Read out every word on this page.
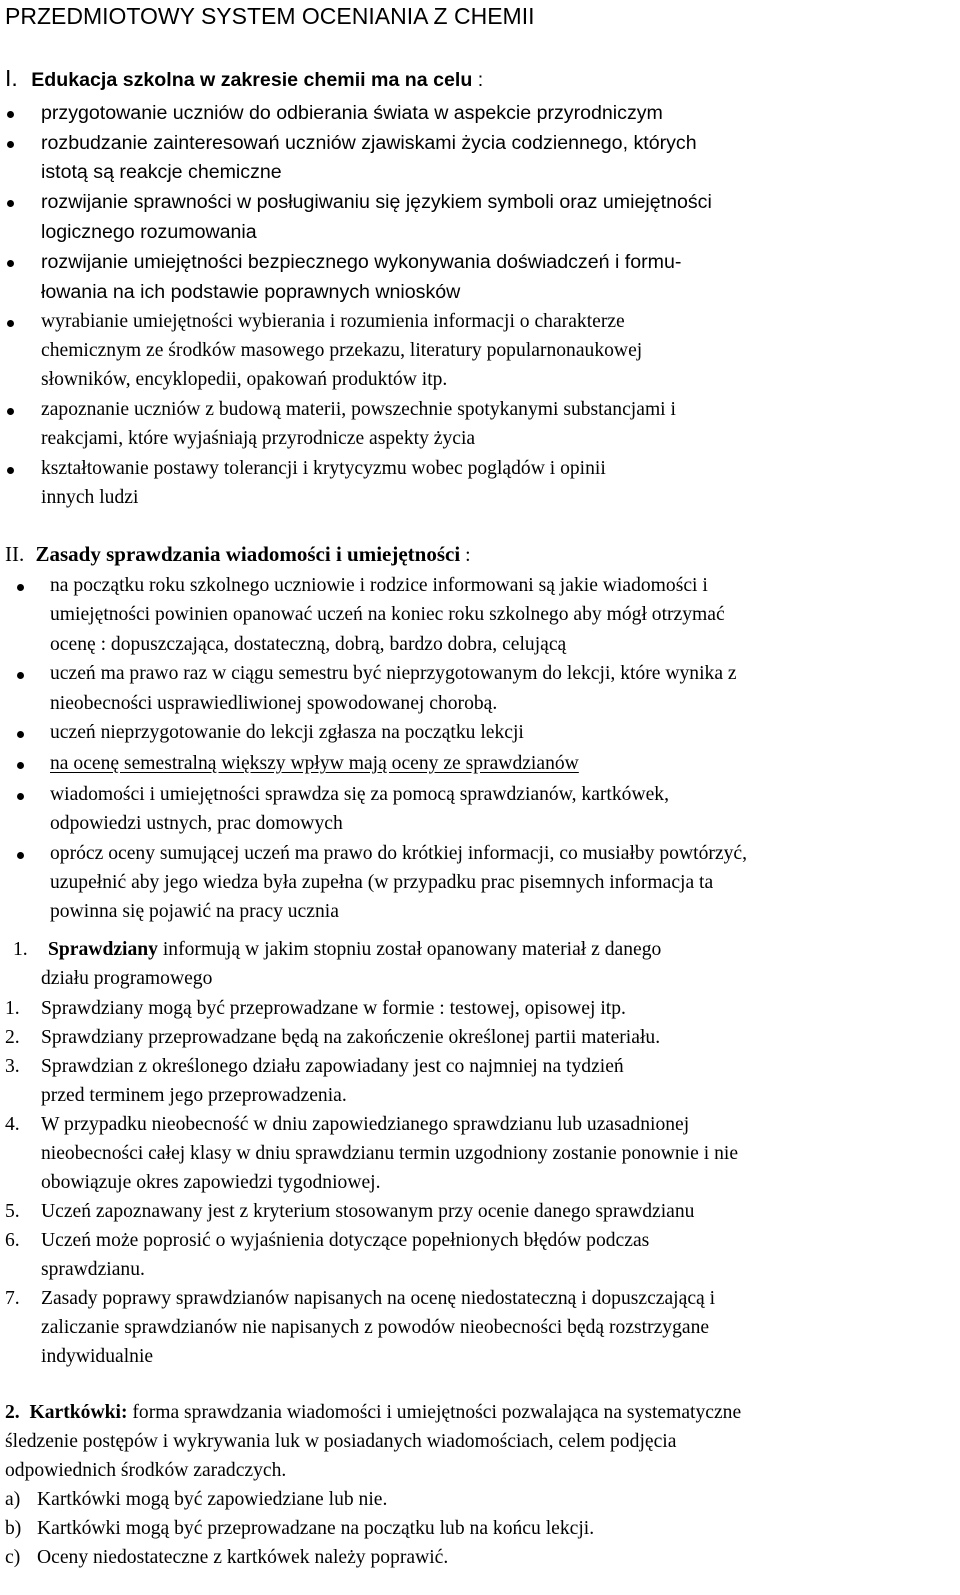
PRZEDMIOTOWY SYSTEM OCENIANIA Z CHEMII
I. Edukacja szkolna w zakresie chemii ma na celu :
przygotowanie uczniów do odbierania świata w aspekcie przyrodniczym
rozbudzanie zainteresowań uczniów zjawiskami życia codziennego, których
istotą są reakcje chemiczne
rozwijanie sprawności w posługiwaniu się językiem symboli oraz umiejętności
logicznego rozumowania
rozwijanie umiejętności bezpiecznego wykonywania doświadczeń i formu-
łowania na ich podstawie poprawnych wniosków
wyrabianie umiejętności wybierania i rozumienia informacji o charakterze
chemicznym ze środków masowego przekazu, literatury popularnonaukowej
słowników, encyklopedii, opakowań produktów itp.
zapoznanie uczniów z budową materii, powszechnie spotykanymi substancjami i
reakcjami, które wyjaśniają przyrodnicze aspekty życia
kształtowanie postawy tolerancji i krytycyzmu wobec poglądów i opinii
innych ludzi
II. Zasady sprawdzania wiadomości i umiejętności :
na początku roku szkolnego uczniowie i rodzice informowani są jakie wiadomości i
umiejętności powinien opanować uczeń na koniec roku szkolnego aby mógł otrzymać
ocenę : dopuszczająca, dostateczną, dobrą, bardzo dobra, celującą
uczeń ma prawo raz w ciągu semestru być nieprzygotowanym do lekcji, które wynika z
nieobecności usprawiedliwionej spowodowanej chorobą.
uczeń nieprzygotowanie do lekcji zgłasza na początku lekcji
na ocenę semestralną większy wpływ mają oceny ze sprawdzianów
wiadomości i umiejętności sprawdza się za pomocą sprawdzianów, kartkówek,
odpowiedzi ustnych, prac domowych
oprócz oceny sumującej uczeń ma prawo do krótkiej informacji, co musiałby powtórzyć,
uzupełnić aby jego wiedza była zupełna (w przypadku prac pisemnych informacja ta
powinna się pojawić na pracy ucznia
1. Sprawdziany informują w jakim stopniu został opanowany materiał z danego
działu programowego
1. Sprawdziany mogą być przeprowadzane w formie : testowej, opisowej itp.
2. Sprawdziany przeprowadzane będą na zakończenie określonej partii materiału.
3. Sprawdzian z określonego działu zapowiadany jest co najmniej na tydzień
przed terminem jego przeprowadzenia.
4. W przypadku nieobecność w dniu zapowiedzianego sprawdzianu lub uzasadnionej
nieobecności całej klasy w dniu sprawdzianu termin uzgodniony zostanie ponownie i nie
obowiązuje okres zapowiedzi tygodniowej.
5. Uczeń zapoznawany jest z kryterium stosowanym przy ocenie danego sprawdzianu
6. Uczeń może poprosić o wyjaśnienia dotyczące popełnionych błędów podczas
sprawdzianu.
7. Zasady poprawy sprawdzianów napisanych na ocenę niedostateczną i dopuszczającą i
zaliczanie sprawdzianów nie napisanych z powodów nieobecności będą rozstrzygane
indywidualnie
2. Kartkówki: forma sprawdzania wiadomości i umiejętności pozwalająca na systematyczne
śledzenie postępów i wykrywania luk w posiadanych wiadomościach, celem podjęcia
odpowiednich środków zaradczych.
a) Kartkówki mogą być zapowiedziane lub nie.
b) Kartkówki mogą być przeprowadzane na początku lub na końcu lekcji.
c) Oceny niedostateczne z kartkówek należy poprawić.
